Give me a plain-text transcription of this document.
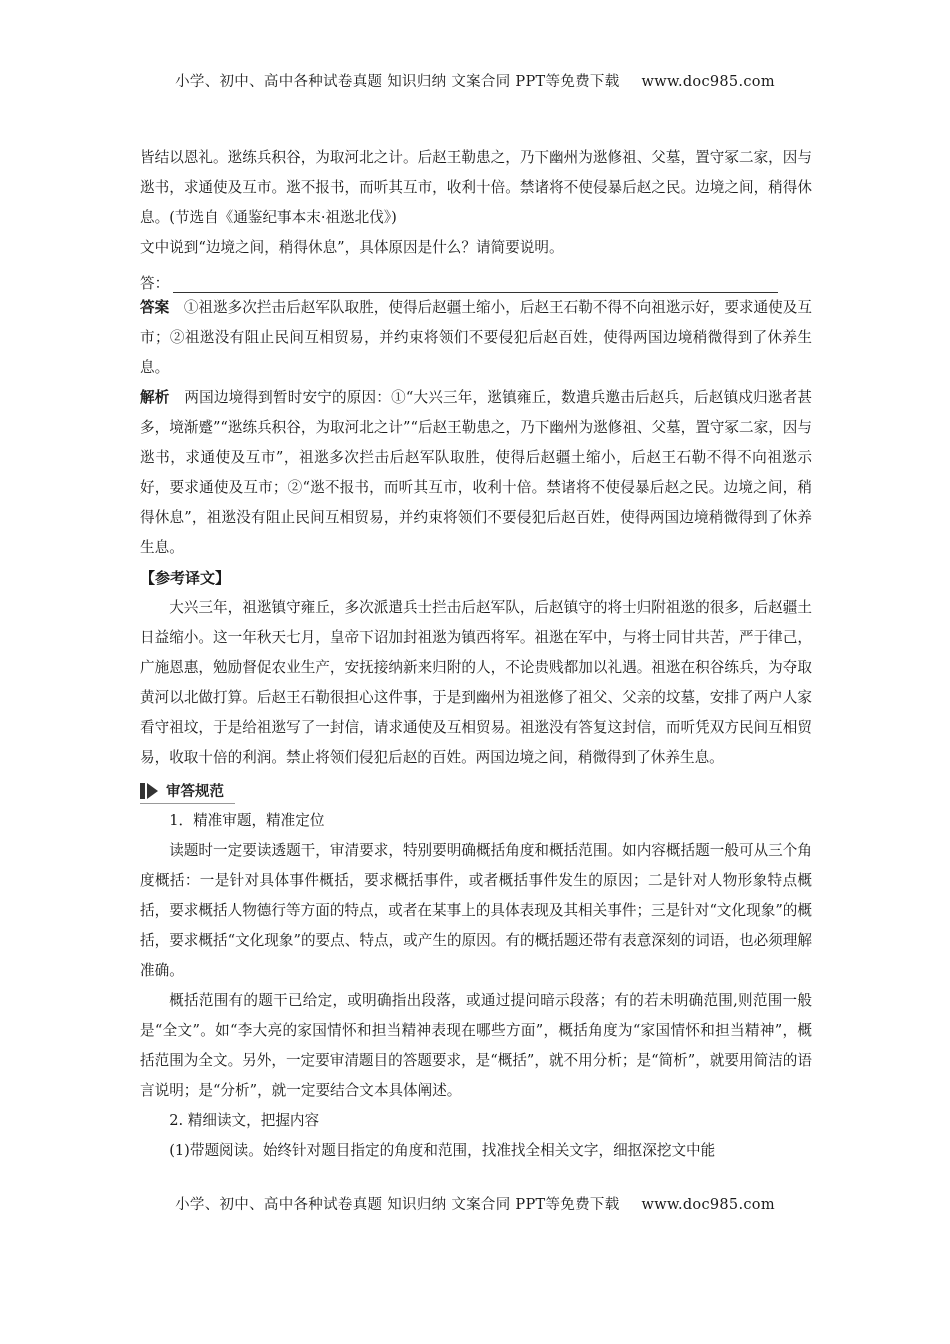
小学、初中、高中各种试卷真题 知识归纳 文案合同 PPT等免费下载 www.doc985.com

皆结以恩礼。逖练兵积谷，为取河北之计。后赵王勒患之，乃下幽州为逖修祖、父墓，置守冢二家，因与逖书，求通使及互市。逖不报书，而听其互市，收利十倍。禁诸将不使侵暴后赵之民。边境之间，稍得休息。(节选自《通鉴纪事本末·祖逖北伐》)

文中说到“边境之间，稍得休息”，具体原因是什么？请简要说明。

答：

答案　 ①祖逖多次拦击后赵军队取胜，使得后赵疆土缩小，后赵王石勒不得不向祖逖示好，要求通使及互市；②祖逖没有阻止民间互相贸易，并约束将领们不要侵犯后赵百姓，使得两国边境稍微得到了休养生息。

解析　 两国边境得到暂时安宁的原因：①“大兴三年，逖镇雍丘，数遣兵邀击后赵兵，后赵镇戍归逖者甚多，境渐蹙”“逖练兵积谷，为取河北之计”“后赵王勒患之，乃下幽州为逖修祖、父墓，置守冢二家，因与逖书，求通使及互市”，祖逖多次拦击后赵军队取胜，使得后赵疆土缩小，后赵王石勒不得不向祖逖示好，要求通使及互市；②“逖不报书，而听其互市，收利十倍。禁诸将不使侵暴后赵之民。边境之间，稍得休息”，祖逖没有阻止民间互相贸易，并约束将领们不要侵犯后赵百姓，使得两国边境稍微得到了休养生息。

【参考译文】

大兴三年，祖逖镇守雍丘，多次派遣兵士拦击后赵军队，后赵镇守的将士归附祖逖的很多，后赵疆土日益缩小。这一年秋天七月，皇帝下诏加封祖逖为镇西将军。祖逖在军中，与将士同甘共苦，严于律己，广施恩惠，勉励督促农业生产，安抚接纳新来归附的人，不论贵贱都加以礼遇。祖逖在积谷练兵，为夺取黄河以北做打算。后赵王石勒很担心这件事，于是到幽州为祖逖修了祖父、父亲的坟墓，安排了两户人家看守祖坟，于是给祖逖写了一封信，请求通使及互相贸易。祖逖没有答复这封信，而听凭双方民间互相贸易，收取十倍的利润。禁止将领们侵犯后赵的百姓。两国边境之间，稍微得到了休养生息。

审答规范

1．精准审题，精准定位

读题时一定要读透题干，审清要求，特别要明确概括角度和概括范围。如内容概括题一般可从三个角度概括：一是针对具体事件概括，要求概括事件，或者概括事件发生的原因；二是针对人物形象特点概括，要求概括人物德行等方面的特点，或者在某事上的具体表现及其相关事件；三是针对“文化现象”的概括，要求概括“文化现象”的要点、特点，或产生的原因。有的概括题还带有表意深刻的词语，也必须理解准确。

概括范围有的题干已给定，或明确指出段落，或通过提问暗示段落；有的若未明确范围,则范围一般是“全文”。如“李大亮的家国情怀和担当精神表现在哪些方面”，概括角度为“家国情怀和担当精神”，概括范围为全文。另外，一定要审清题目的答题要求，是“概括”，就不用分析；是“简析”，就要用简洁的语言说明；是“分析”，就一定要结合文本具体阐述。

2. 精细读文，把握内容

(1)带题阅读。始终针对题目指定的角度和范围，找准找全相关文字，细抠深挖文中能

小学、初中、高中各种试卷真题 知识归纳 文案合同 PPT等免费下载 www.doc985.com
